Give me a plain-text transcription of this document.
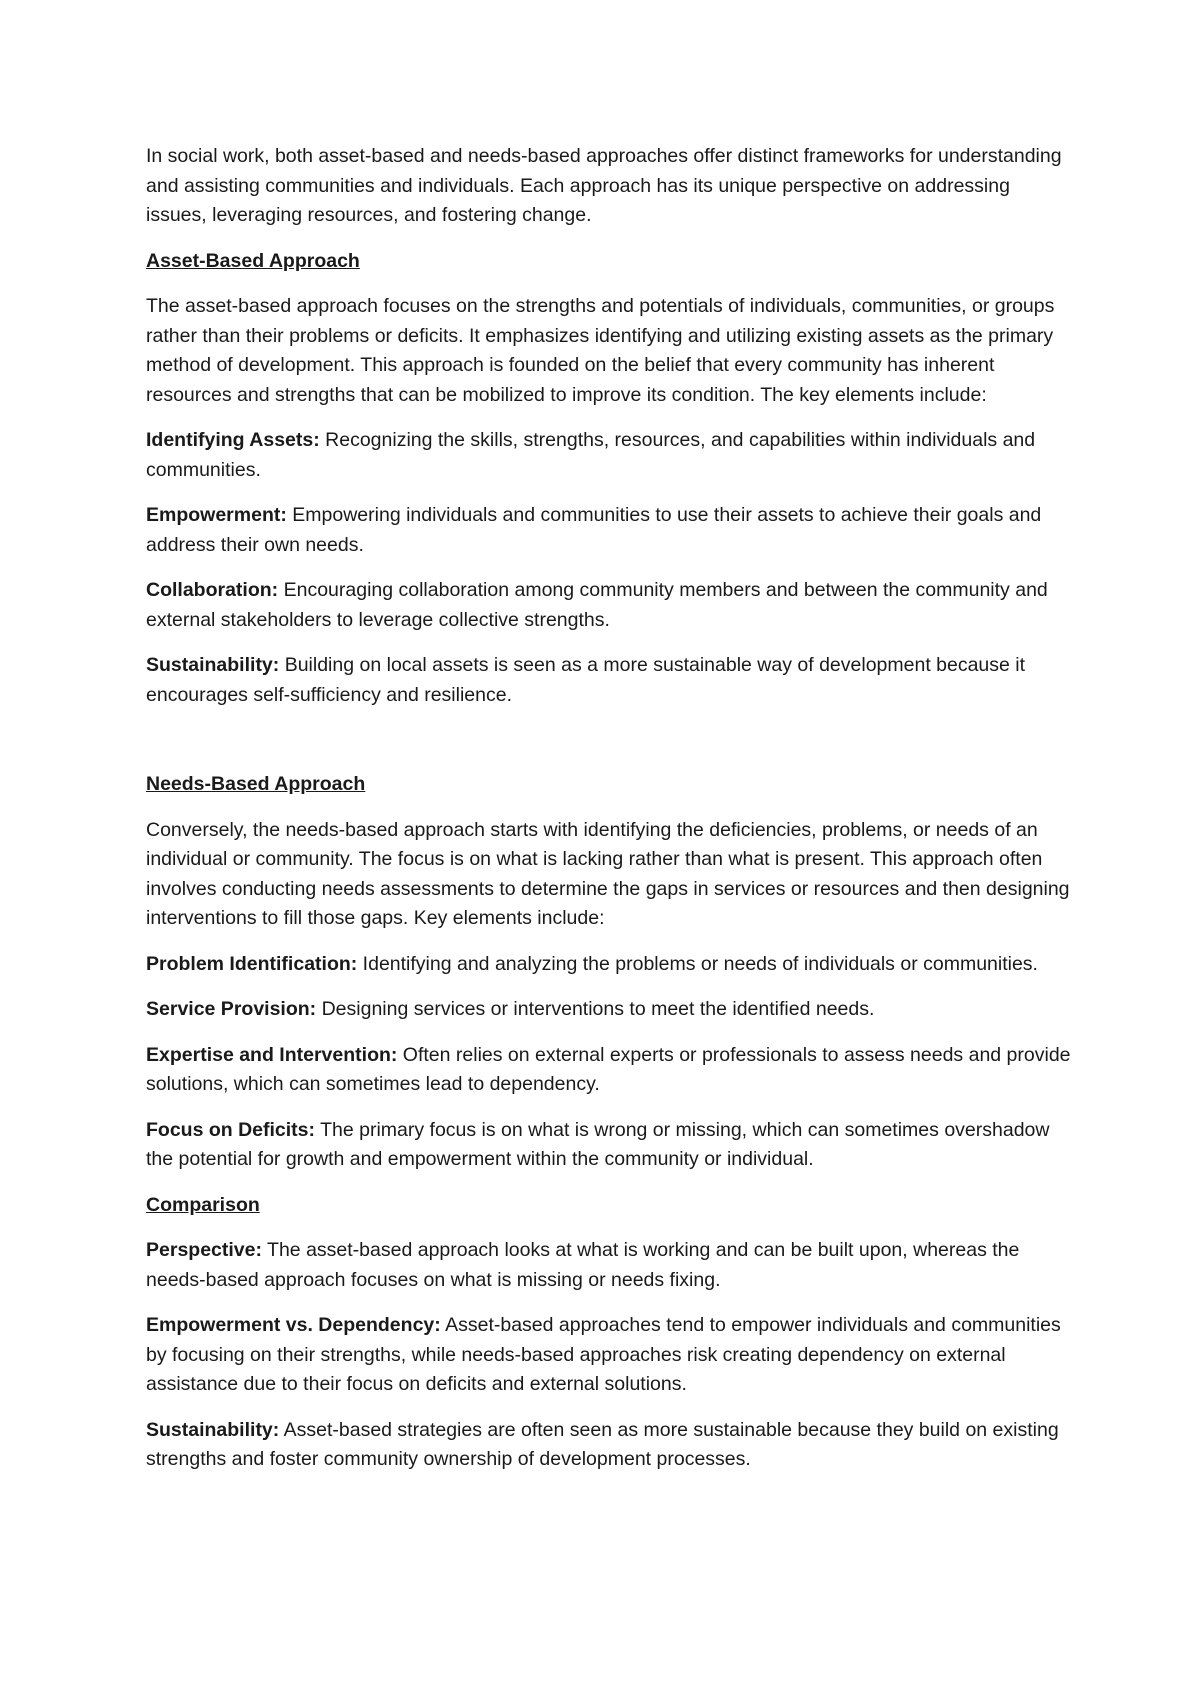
In social work, both asset-based and needs-based approaches offer distinct frameworks for understanding and assisting communities and individuals. Each approach has its unique perspective on addressing issues, leveraging resources, and fostering change.

Asset-Based Approach

The asset-based approach focuses on the strengths and potentials of individuals, communities, or groups rather than their problems or deficits. It emphasizes identifying and utilizing existing assets as the primary method of development. This approach is founded on the belief that every community has inherent resources and strengths that can be mobilized to improve its condition. The key elements include:

Identifying Assets: Recognizing the skills, strengths, resources, and capabilities within individuals and communities.

Empowerment: Empowering individuals and communities to use their assets to achieve their goals and address their own needs.

Collaboration: Encouraging collaboration among community members and between the community and external stakeholders to leverage collective strengths.

Sustainability: Building on local assets is seen as a more sustainable way of development because it encourages self-sufficiency and resilience.

Needs-Based Approach

Conversely, the needs-based approach starts with identifying the deficiencies, problems, or needs of an individual or community. The focus is on what is lacking rather than what is present. This approach often involves conducting needs assessments to determine the gaps in services or resources and then designing interventions to fill those gaps. Key elements include:

Problem Identification: Identifying and analyzing the problems or needs of individuals or communities.

Service Provision: Designing services or interventions to meet the identified needs.

Expertise and Intervention: Often relies on external experts or professionals to assess needs and provide solutions, which can sometimes lead to dependency.

Focus on Deficits: The primary focus is on what is wrong or missing, which can sometimes overshadow the potential for growth and empowerment within the community or individual.

Comparison

Perspective: The asset-based approach looks at what is working and can be built upon, whereas the needs-based approach focuses on what is missing or needs fixing.

Empowerment vs. Dependency: Asset-based approaches tend to empower individuals and communities by focusing on their strengths, while needs-based approaches risk creating dependency on external assistance due to their focus on deficits and external solutions.

Sustainability: Asset-based strategies are often seen as more sustainable because they build on existing strengths and foster community ownership of development processes.
